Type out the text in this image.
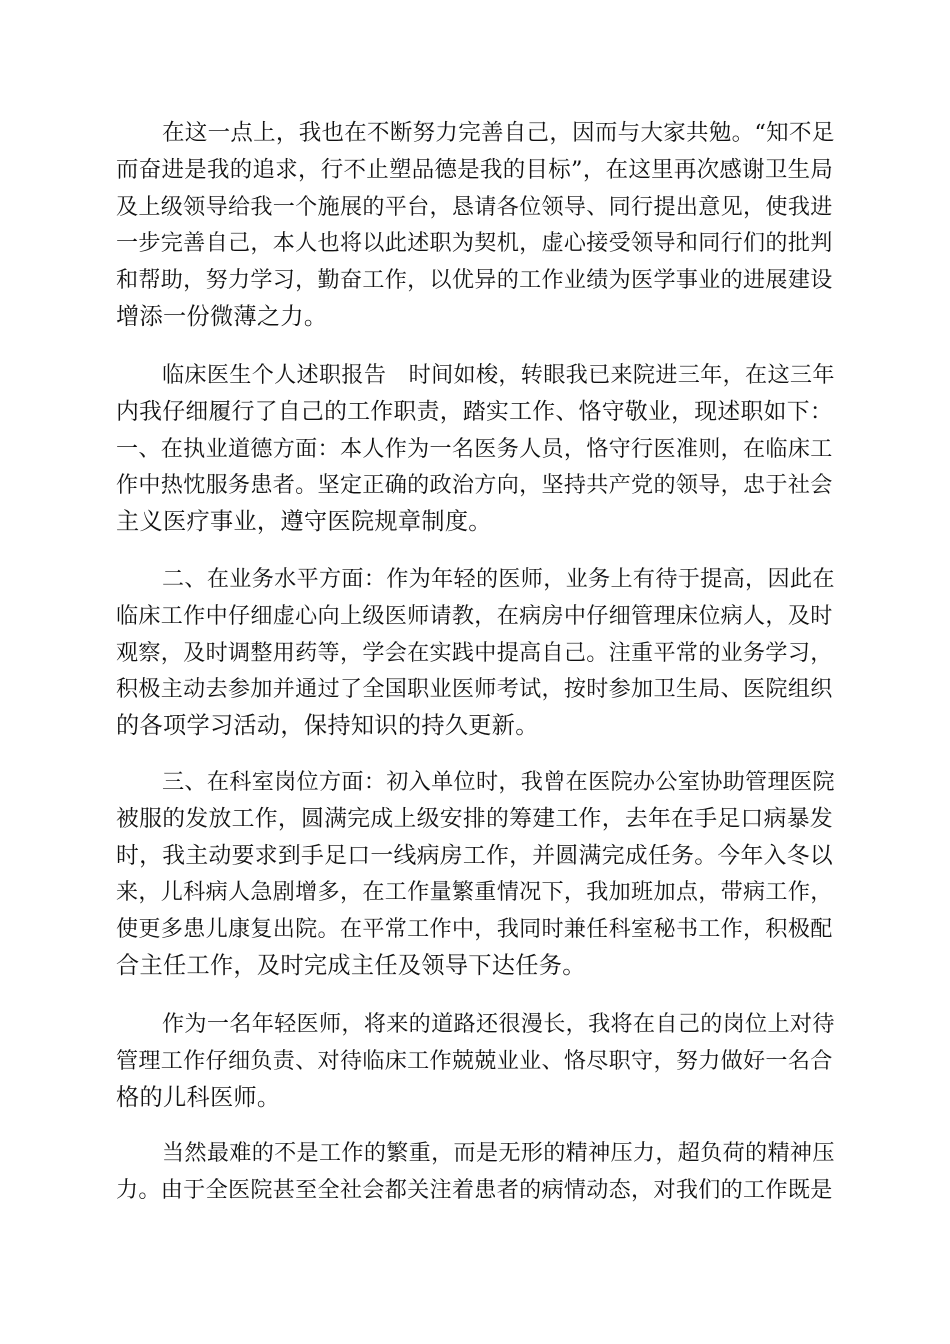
在这一点上，我也在不断努力完善自己，因而与大家共勉。“知不足
而奋进是我的追求，行不止塑品德是我的目标”，在这里再次感谢卫生局
及上级领导给我一个施展的平台，恳请各位领导、同行提出意见，使我进
一步完善自己，本人也将以此述职为契机，虚心接受领导和同行们的批判
和帮助，努力学习，勤奋工作，以优异的工作业绩为医学事业的进展建设
增添一份微薄之力。
临床医生个人述职报告　时间如梭，转眼我已来院进三年，在这三年
内我仔细履行了自己的工作职责，踏实工作、恪守敬业，现述职如下：
一、在执业道德方面：本人作为一名医务人员，恪守行医准则，在临床工
作中热忱服务患者。坚定正确的政治方向，坚持共产党的领导，忠于社会
主义医疗事业，遵守医院规章制度。
二、在业务水平方面：作为年轻的医师，业务上有待于提高，因此在
临床工作中仔细虚心向上级医师请教，在病房中仔细管理床位病人，及时
观察，及时调整用药等，学会在实践中提高自己。注重平常的业务学习，
积极主动去参加并通过了全国职业医师考试，按时参加卫生局、医院组织
的各项学习活动，保持知识的持久更新。
三、在科室岗位方面：初入单位时，我曾在医院办公室协助管理医院
被服的发放工作，圆满完成上级安排的筹建工作，去年在手足口病暴发
时，我主动要求到手足口一线病房工作，并圆满完成任务。今年入冬以
来，儿科病人急剧增多，在工作量繁重情况下，我加班加点，带病工作，
使更多患儿康复出院。在平常工作中，我同时兼任科室秘书工作，积极配
合主任工作，及时完成主任及领导下达任务。
作为一名年轻医师，将来的道路还很漫长，我将在自己的岗位上对待
管理工作仔细负责、对待临床工作兢兢业业、恪尽职守，努力做好一名合
格的儿科医师。
当然最难的不是工作的繁重，而是无形的精神压力，超负荷的精神压
力。由于全医院甚至全社会都关注着患者的病情动态，对我们的工作既是
